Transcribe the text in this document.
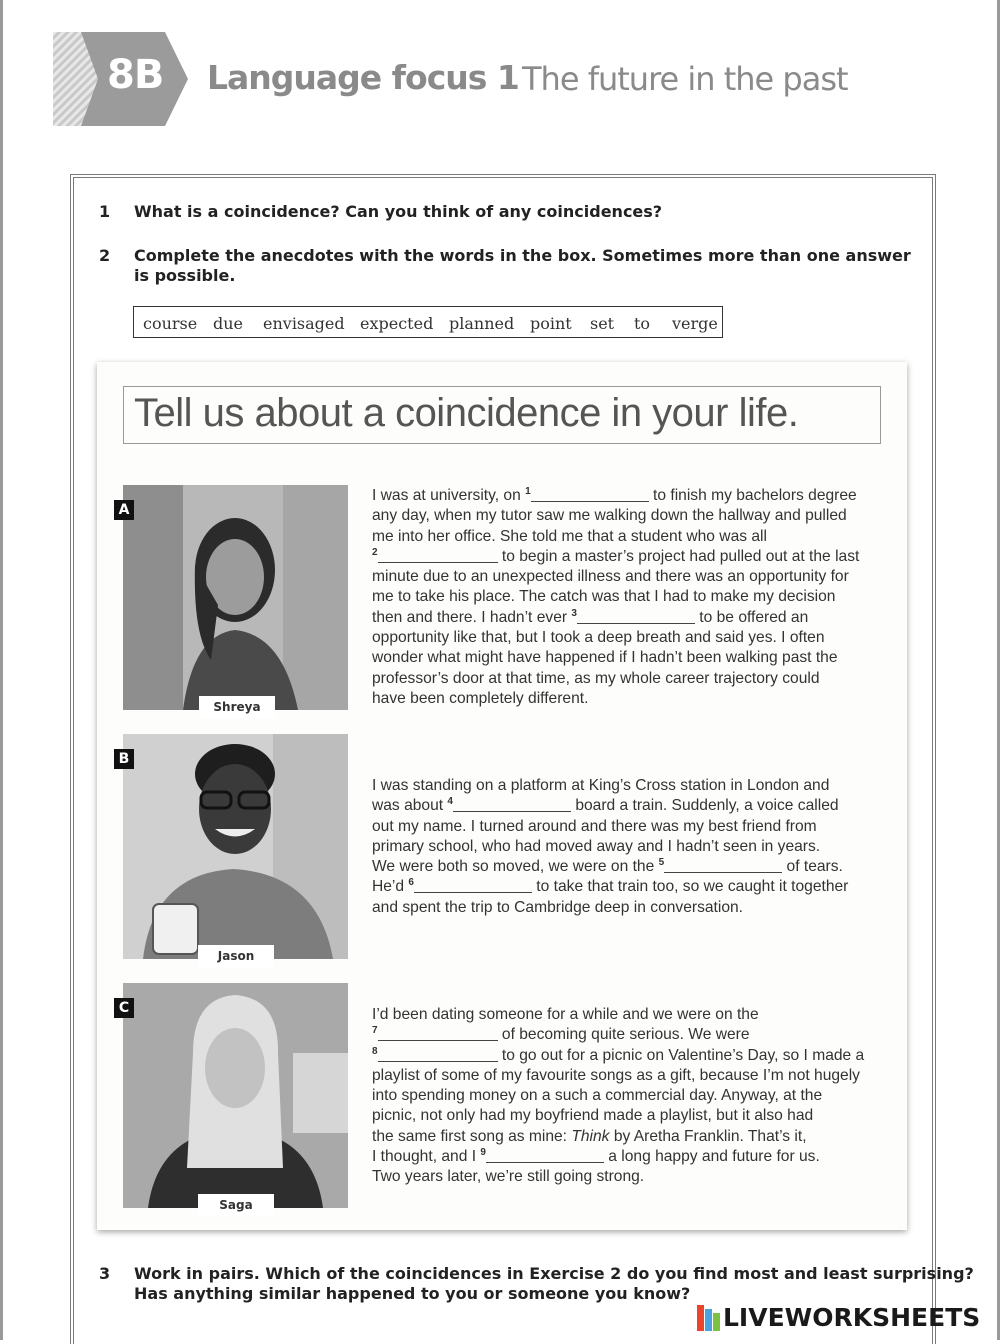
8B Language focus 1 The future in the past
1 What is a coincidence? Can you think of any coincidences?
2 Complete the anecdotes with the words in the box. Sometimes more than one answer
is possible.
course due envisaged expected planned point set to verge
Tell us about a coincidence in your life.
A
Shreya
I was at university, on $^1$	to finish my bachelors degree
any day, when my tutor saw me walking down the hallway and pulled
me into her office. She told me that a student who was all
$^2$	to begin a master’s project had pulled out at the last
minute due to an unexpected illness and there was an opportunity for
me to take his place. The catch was that I had to make my decision
then and there. I hadn’t ever $^3$	to be offered an
opportunity like that, but I took a deep breath and said yes. I often
wonder what might have happened if I hadn’t been walking past the
professor’s door at that time, as my whole career trajectory could
have been completely different.
B
Jason
I was standing on a platform at King’s Cross station in London and
was about $^4$	board a train. Suddenly, a voice called
out my name. I turned around and there was my best friend from
primary school, who had moved away and I hadn’t seen in years.
We were both so moved, we were on the $^5$	of tears.
He’d $^6$	to take that train too, so we caught it together
and spent the trip to Cambridge deep in conversation.
C
Saga
I’d been dating someone for a while and we were on the
$^7$	of becoming quite serious. We were
$^8$	to go out for a picnic on Valentine’s Day, so I made a
playlist of some of my favourite songs as a gift, because I’m not hugely
into spending money on a such a commercial day. Anyway, at the
picnic, not only had my boyfriend made a playlist, but it also had
the same first song as mine: Think by Aretha Franklin. That’s it,
I thought, and I $^9$	a long happy and future for us.
Two years later, we’re still going strong.
3 Work in pairs. Which of the coincidences in Exercise 2 do you find most and least surprising?
Has anything similar happened to you or someone you know?
LIVEWORKSHEETS
